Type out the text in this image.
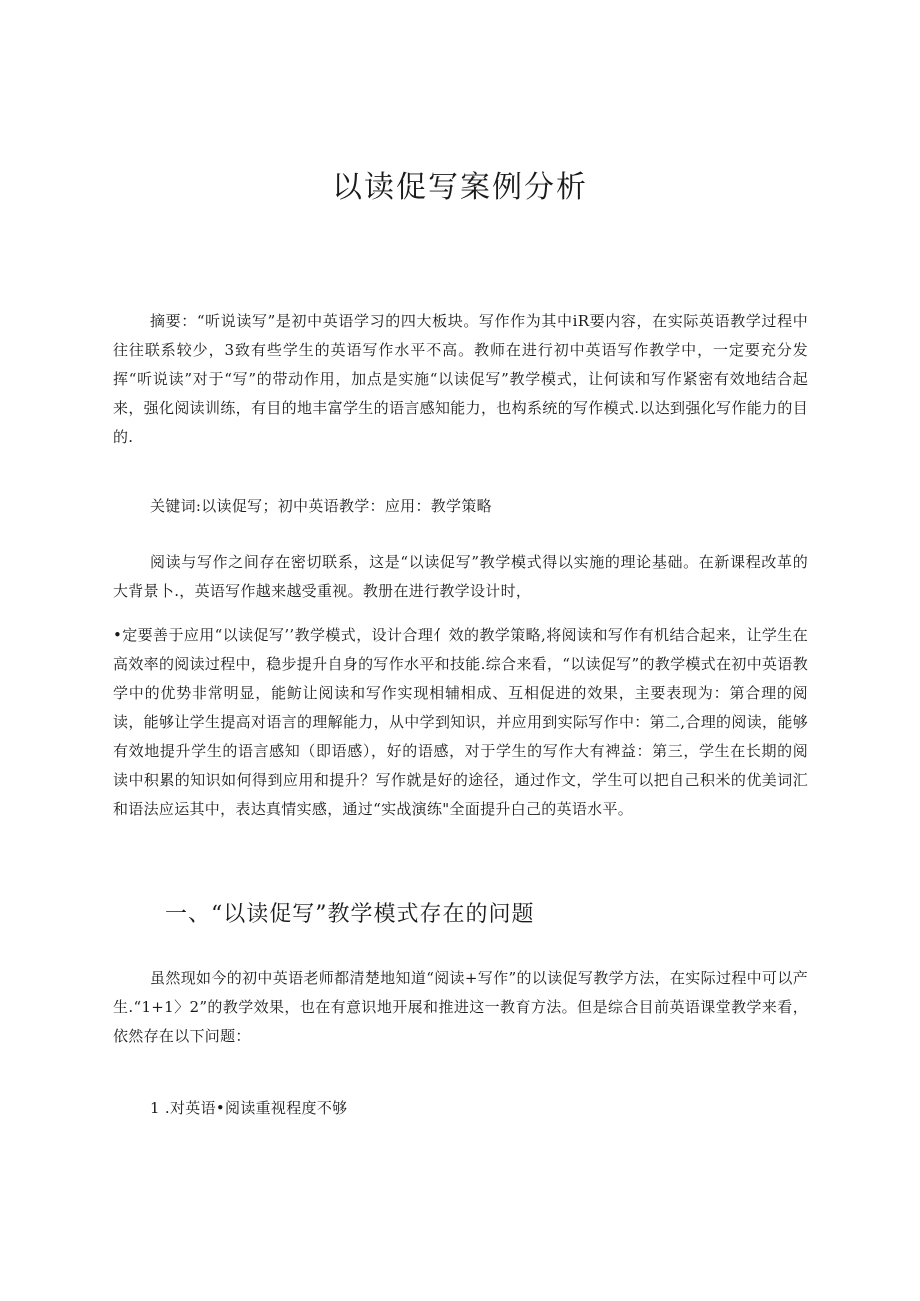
以读促写案例分析

摘要：“听说读写”是初中英语学习的四大板块。写作作为其中iR要内容，在实际英语教学过程中往往联系较少，3致有些学生的英语写作水平不高。教师在进行初中英语写作教学中，一定要充分发挥“听说读”对于“写”的带动作用，加点是实施“以读促写”教学模式，让何读和写作紧密有效地结合起来，强化阅读训练，有目的地丰富学生的语言感知能力，也构系统的写作模式.以达到强化写作能力的目的.

关键词:以读促写；初中英语教学：应用：教学策略

阅读与写作之间存在密切联系，这是“以读促写”教学模式得以实施的理论基础。在新课程改革的大背景卜.，英语写作越来越受重视。教册在进行教学设计时，

•定要善于应用“以读促写’’教学模式，设计合理亻效的教学策略,将阅读和写作有机结合起来，让学生在高效率的阅读过程中，稳步提升自身的写作水平和技能.综合来看，“以读促写”的教学模式在初中英语教学中的优势非常明显，能鲂让阅读和写作实现相辅相成、互相促进的效果，主要表现为：第合理的阅读，能够让学生提高对语言的理解能力，从中学到知识，并应用到实际写作中：第二,合理的阅读，能够有效地提升学生的语言感知（即语感），好的语感，对于学生的写作大有裨益：第三，学生在长期的阅读中积累的知识如何得到应用和提升？写作就是好的途径，通过作文，学生可以把自己积米的优美词汇和语法应运其中，表达真情实感，通过“实战演练"全面提升白己的英语水平。

一、“以读促写”教学模式存在的问题

虽然现如今的初中英语老师都清楚地知道“阅读+写作”的以读促写教学方法，在实际过程中可以产生.“1+1〉2”的教学效果，也在有意识地开展和推进这一教育方法。但是综合目前英语课堂教学来看，依然存在以下问题：

1 .对英语•阅读重视程度不够
